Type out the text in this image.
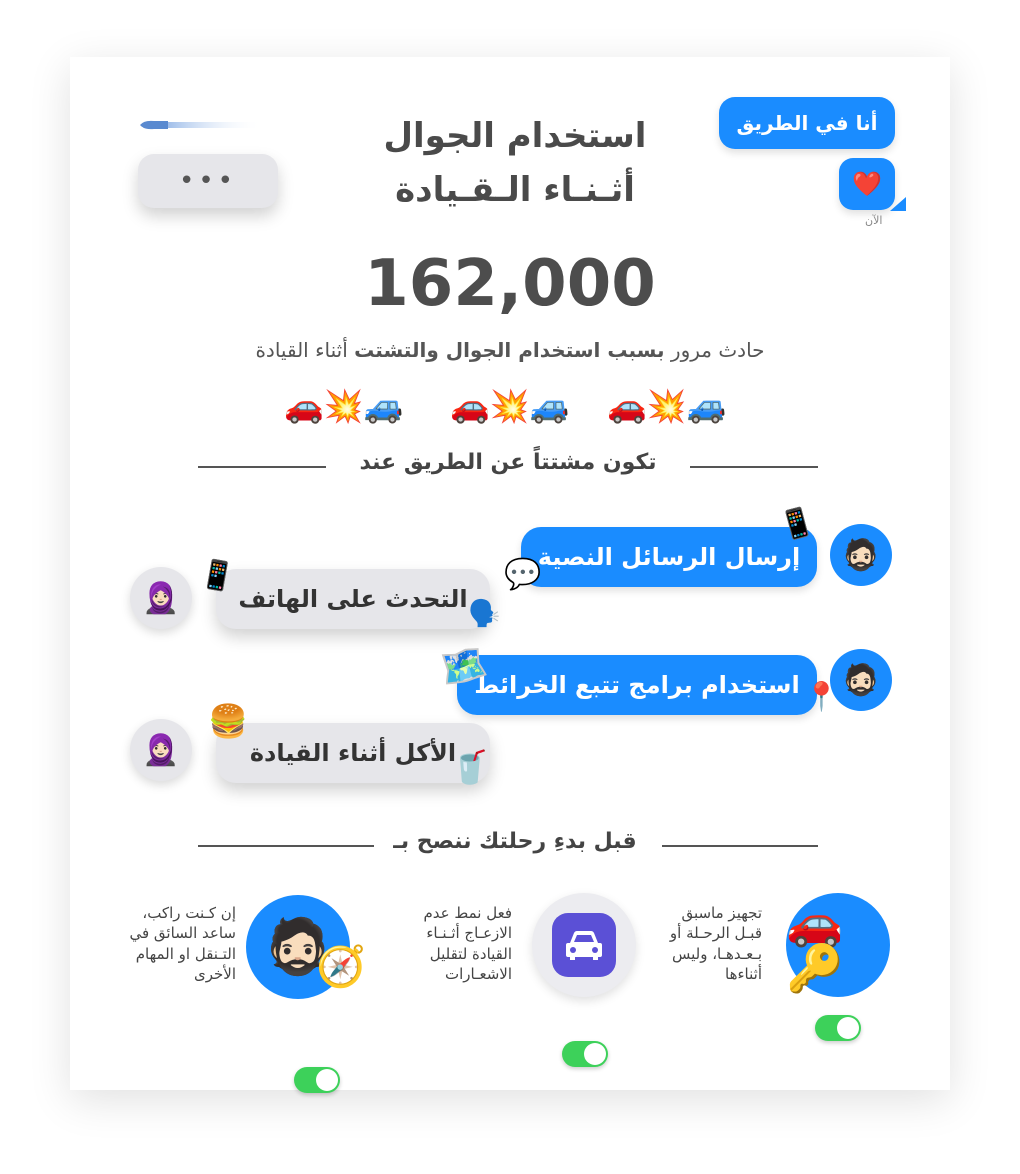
أنا في الطريق
❤️
الآن
استخدام الجوال
أثـنـاء الـقـيادة
•••
162,000
حادث مرور بسبب استخدام الجوال والتشتت أثناء القيادة
🚗💥🚙 🚗💥🚙 🚗💥🚙
تكون مشتتاً عن الطريق عند
🧔🏻
إرسال الرسائل النصية
📱
💬
🧕🏻 التحدث على الهاتف
📱
🗣️
🧔🏻
استخدام برامج تتبع الخرائط
🗺️
📍
🧕🏻	الأكل أثناء القيادة
🍔
🥤
قبل بدءِ رحلتك ننصح بـ
🚗🔑
تجهيز ماسبق قبـل الرحـلة أو بـعـدهـا، وليس أثناءها
فعل نمط عدم الازعـاج أثـنـاء القيادة لتقليل الاشعـارات
🧔🏻
🧭
إن كـنت راكب، ساعد السائق في التـنقل او المهام الأخرى
